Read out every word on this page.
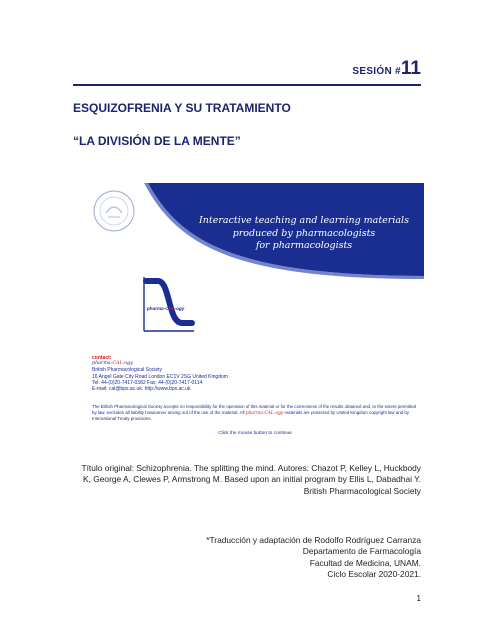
SESIÓN #11
ESQUIZOFRENIA Y SU TRATAMIENTO
“LA DIVISIÓN DE LA MENTE”
Interactive teaching and learning materials
produced by pharmacologists
for pharmacologists
pharma-CAL-ogy
contact:
pharma-CAL-ogy
British Pharmacological Society
16 Angel Gate City Road London EC1V 2SG United Kingdom
Tel: 44-(0)20-7417-0382 Fax: 44-(0)20-7417-0114
E-mail: cal@bps.ac.uk. http://www.bps.ac.uk
The British Pharmacological Society accepts no responsibility for the operation of this material or for the correctness of the results obtained and, to the extent permitted by law, excludes all liability howsoever arising out of the use of the material. All pharma-CAL-ogy materials are protected by United Kingdom copyright law and by International Treaty provisions.
Click the mouse button to continue
Título original: Schizophrenia. The splitting the mind. Autores: Chazot P, Kelley L, Huckbody K, George A, Clewes P, Armstrong M. Based upon an initial program by Ellis L, Dabadhai Y. British Pharmacological Society
*Traducción y adaptación de Rodolfo Rodríguez Carranza
Departamento de Farmacología
Facultad de Medicina, UNAM.
Ciclo Escolar 2020-2021.
1
